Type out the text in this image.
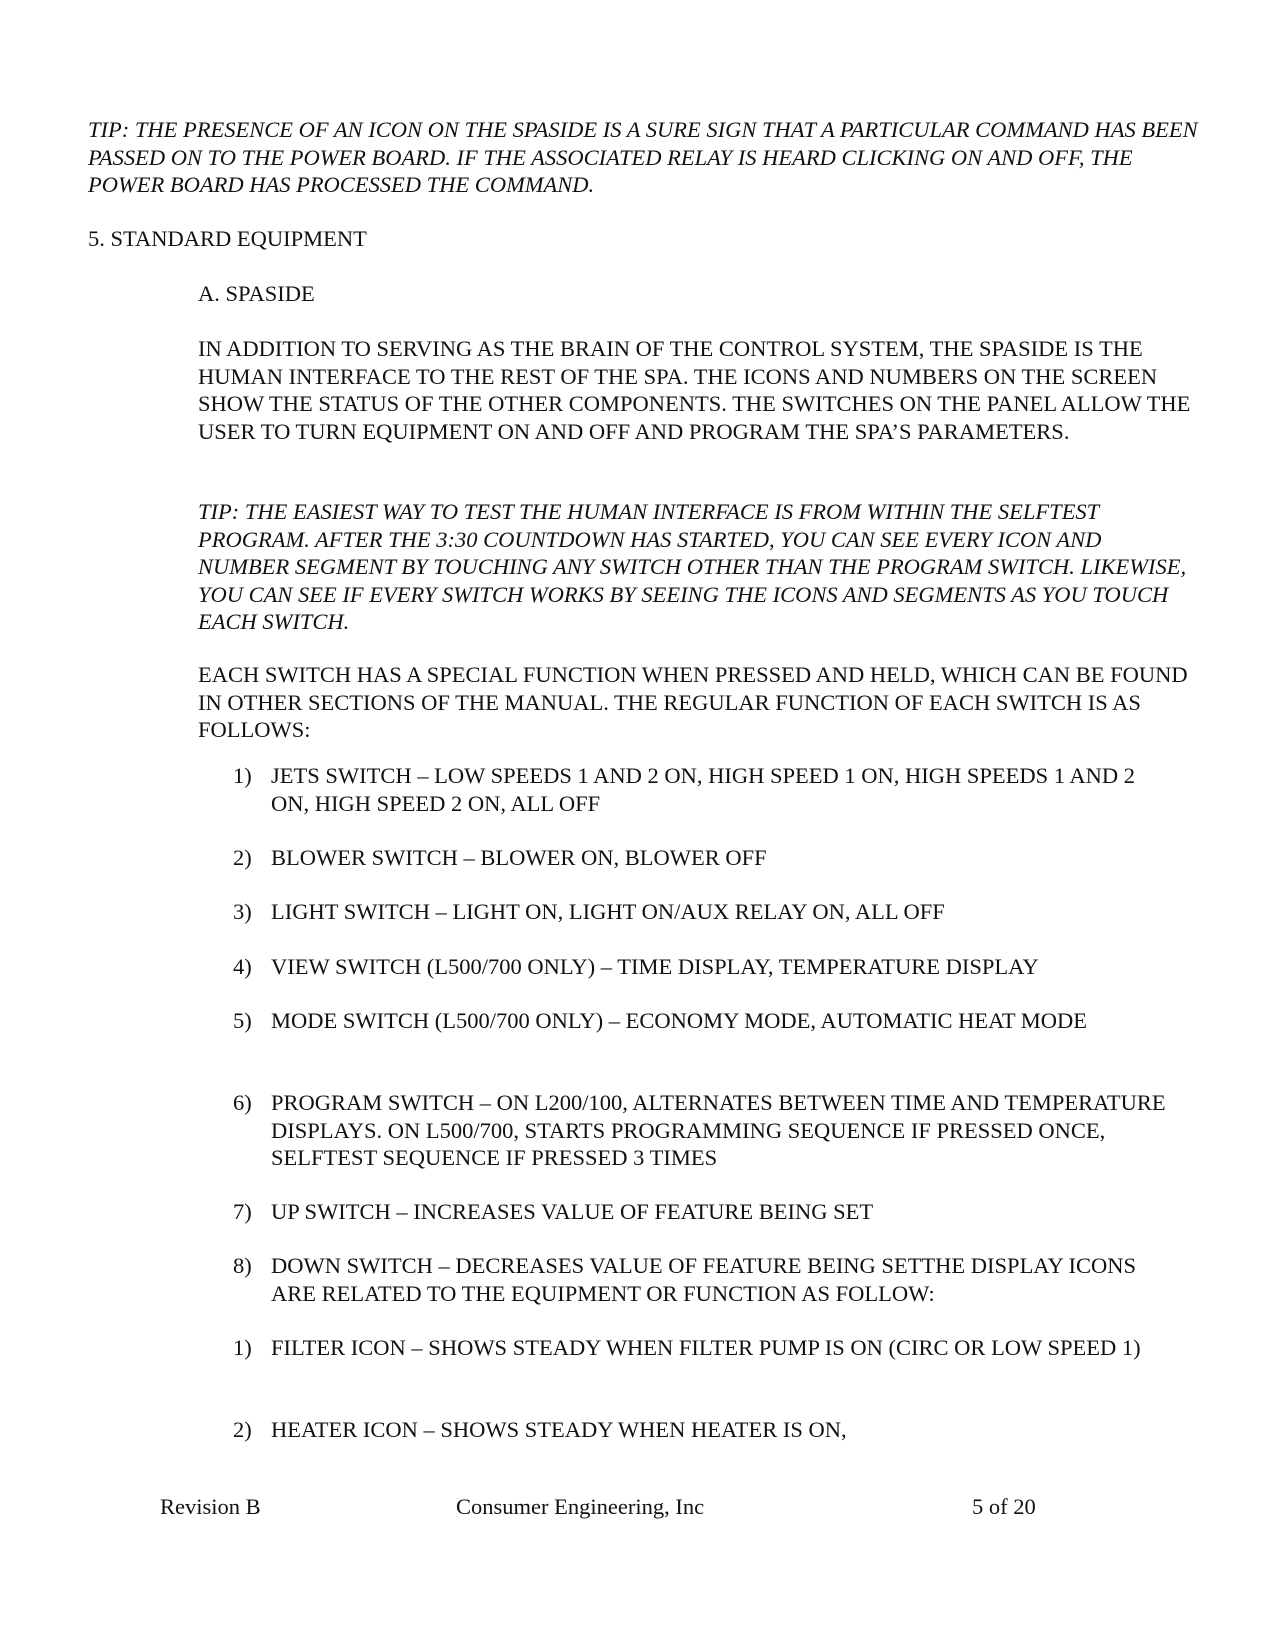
TIP: THE PRESENCE OF AN ICON ON THE SPASIDE IS A SURE SIGN THAT A PARTICULAR COMMAND HAS BEEN PASSED ON TO THE POWER BOARD. IF THE ASSOCIATED RELAY IS HEARD CLICKING ON AND OFF, THE POWER BOARD HAS PROCESSED THE COMMAND.

5. STANDARD EQUIPMENT
A. SPASIDE

IN ADDITION TO SERVING AS THE BRAIN OF THE CONTROL SYSTEM, THE SPASIDE IS THE HUMAN INTERFACE TO THE REST OF THE SPA. THE ICONS AND NUMBERS ON THE SCREEN SHOW THE STATUS OF THE OTHER COMPONENTS. THE SWITCHES ON THE PANEL ALLOW THE USER TO TURN EQUIPMENT ON AND OFF AND PROGRAM THE SPA’S PARAMETERS.

TIP: THE EASIEST WAY TO TEST THE HUMAN INTERFACE IS FROM WITHIN THE SELFTEST PROGRAM. AFTER THE 3:30 COUNTDOWN HAS STARTED, YOU CAN SEE EVERY ICON AND NUMBER SEGMENT BY TOUCHING ANY SWITCH OTHER THAN THE PROGRAM SWITCH. LIKEWISE, YOU CAN SEE IF EVERY SWITCH WORKS BY SEEING THE ICONS AND SEGMENTS AS YOU TOUCH EACH SWITCH.

EACH SWITCH HAS A SPECIAL FUNCTION WHEN PRESSED AND HELD, WHICH CAN BE FOUND IN OTHER SECTIONS OF THE MANUAL. THE REGULAR FUNCTION OF EACH SWITCH IS AS FOLLOWS:

1) JETS SWITCH – LOW SPEEDS 1 AND 2 ON, HIGH SPEED 1 ON, HIGH SPEEDS 1 AND 2 ON, HIGH SPEED 2 ON, ALL OFF
2) BLOWER SWITCH – BLOWER ON, BLOWER OFF
3) LIGHT SWITCH – LIGHT ON, LIGHT ON/AUX RELAY ON, ALL OFF
4) VIEW SWITCH (L500/700 ONLY) – TIME DISPLAY, TEMPERATURE DISPLAY
5) MODE SWITCH (L500/700 ONLY) – ECONOMY MODE, AUTOMATIC HEAT MODE
6) PROGRAM SWITCH – ON L200/100, ALTERNATES BETWEEN TIME AND TEMPERATURE DISPLAYS. ON L500/700, STARTS PROGRAMMING SEQUENCE IF PRESSED ONCE, SELFTEST SEQUENCE IF PRESSED 3 TIMES
7) UP SWITCH – INCREASES VALUE OF FEATURE BEING SET
8) DOWN SWITCH – DECREASES VALUE OF FEATURE BEING SETTHE DISPLAY ICONS ARE RELATED TO THE EQUIPMENT OR FUNCTION AS FOLLOW:
1) FILTER ICON – SHOWS STEADY WHEN FILTER PUMP IS ON (CIRC OR LOW SPEED 1)
2) HEATER ICON – SHOWS STEADY WHEN HEATER IS ON,
Revision B	Consumer Engineering, Inc	5 of 20
